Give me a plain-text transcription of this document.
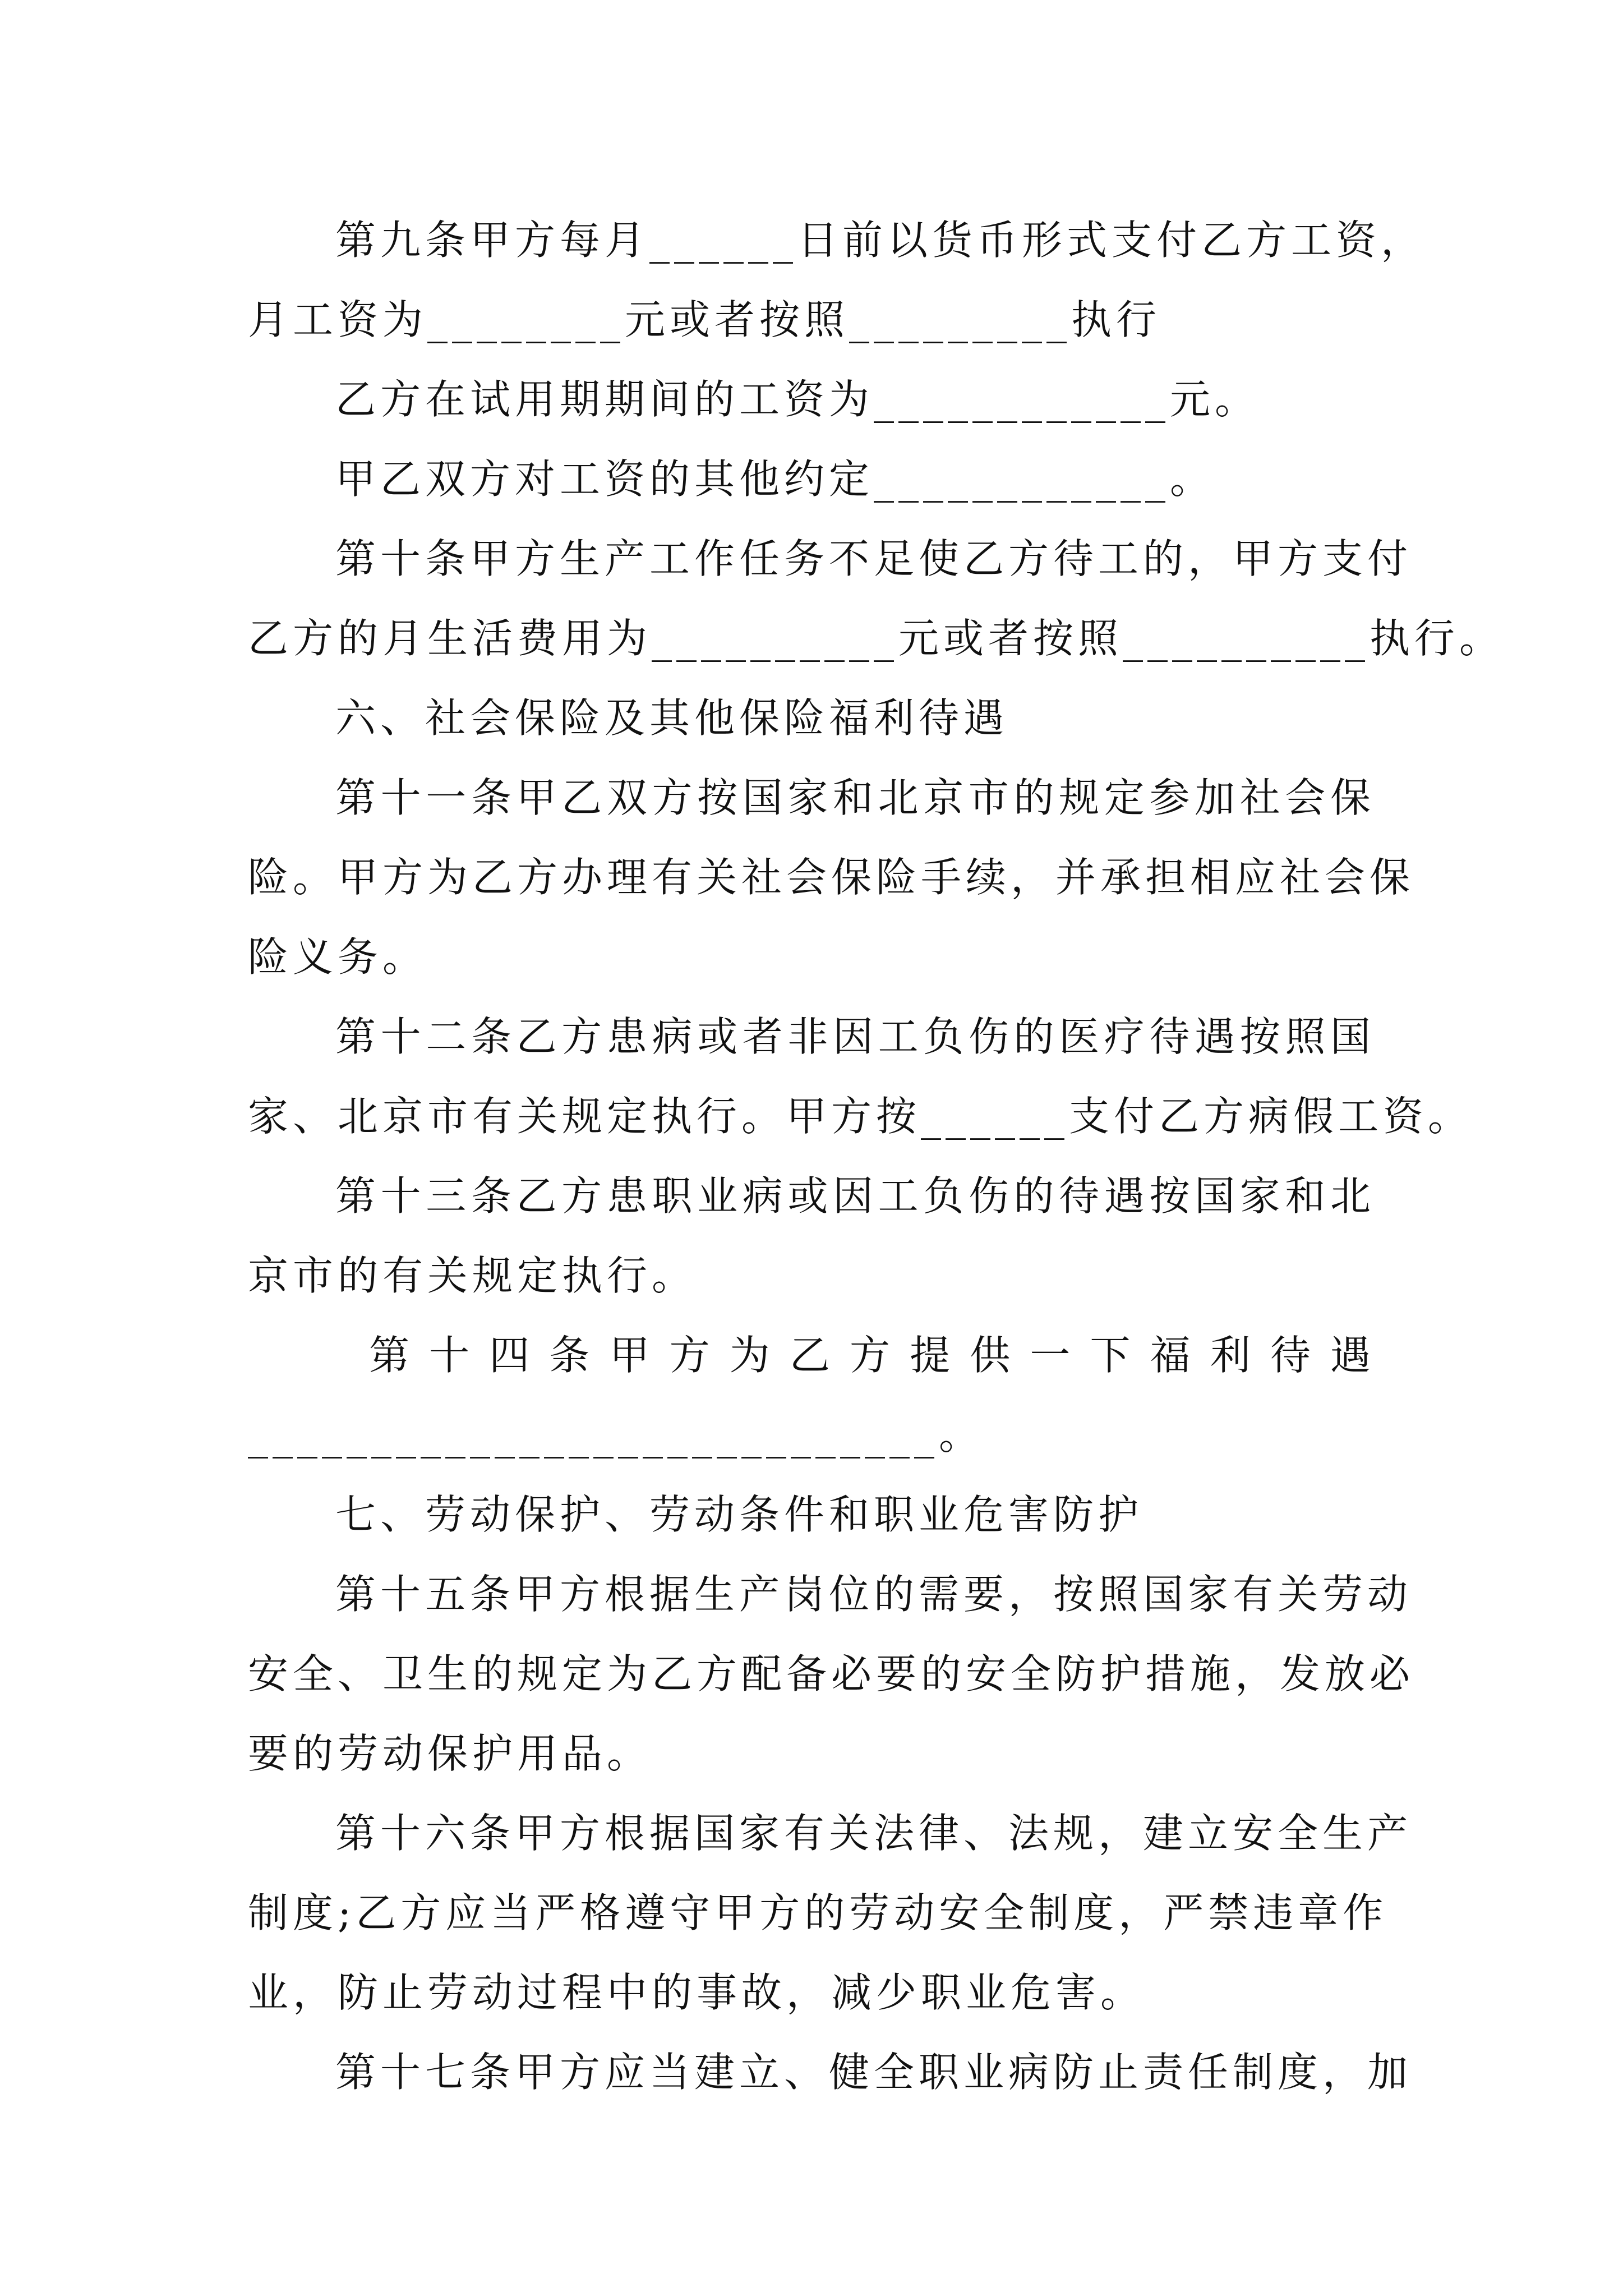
第九条甲方每月______日前以货币形式支付乙方工资，
月工资为________元或者按照_________执行
乙方在试用期期间的工资为____________元。
甲乙双方对工资的其他约定____________。
第十条甲方生产工作任务不足使乙方待工的，甲方支付
乙方的月生活费用为__________元或者按照__________执行。
六、社会保险及其他保险福利待遇
第十一条甲乙双方按国家和北京市的规定参加社会保
险。甲方为乙方办理有关社会保险手续，并承担相应社会保
险义务。
第十二条乙方患病或者非因工负伤的医疗待遇按照国
家、北京市有关规定执行。甲方按______支付乙方病假工资。
第十三条乙方患职业病或因工负伤的待遇按国家和北
京市的有关规定执行。
第十四条甲方为乙方提供一下福利待遇
____________________________。
七、劳动保护、劳动条件和职业危害防护
第十五条甲方根据生产岗位的需要，按照国家有关劳动
安全、卫生的规定为乙方配备必要的安全防护措施，发放必
要的劳动保护用品。
第十六条甲方根据国家有关法律、法规，建立安全生产
制度;乙方应当严格遵守甲方的劳动安全制度，严禁违章作
业，防止劳动过程中的事故，减少职业危害。
第十七条甲方应当建立、健全职业病防止责任制度，加
